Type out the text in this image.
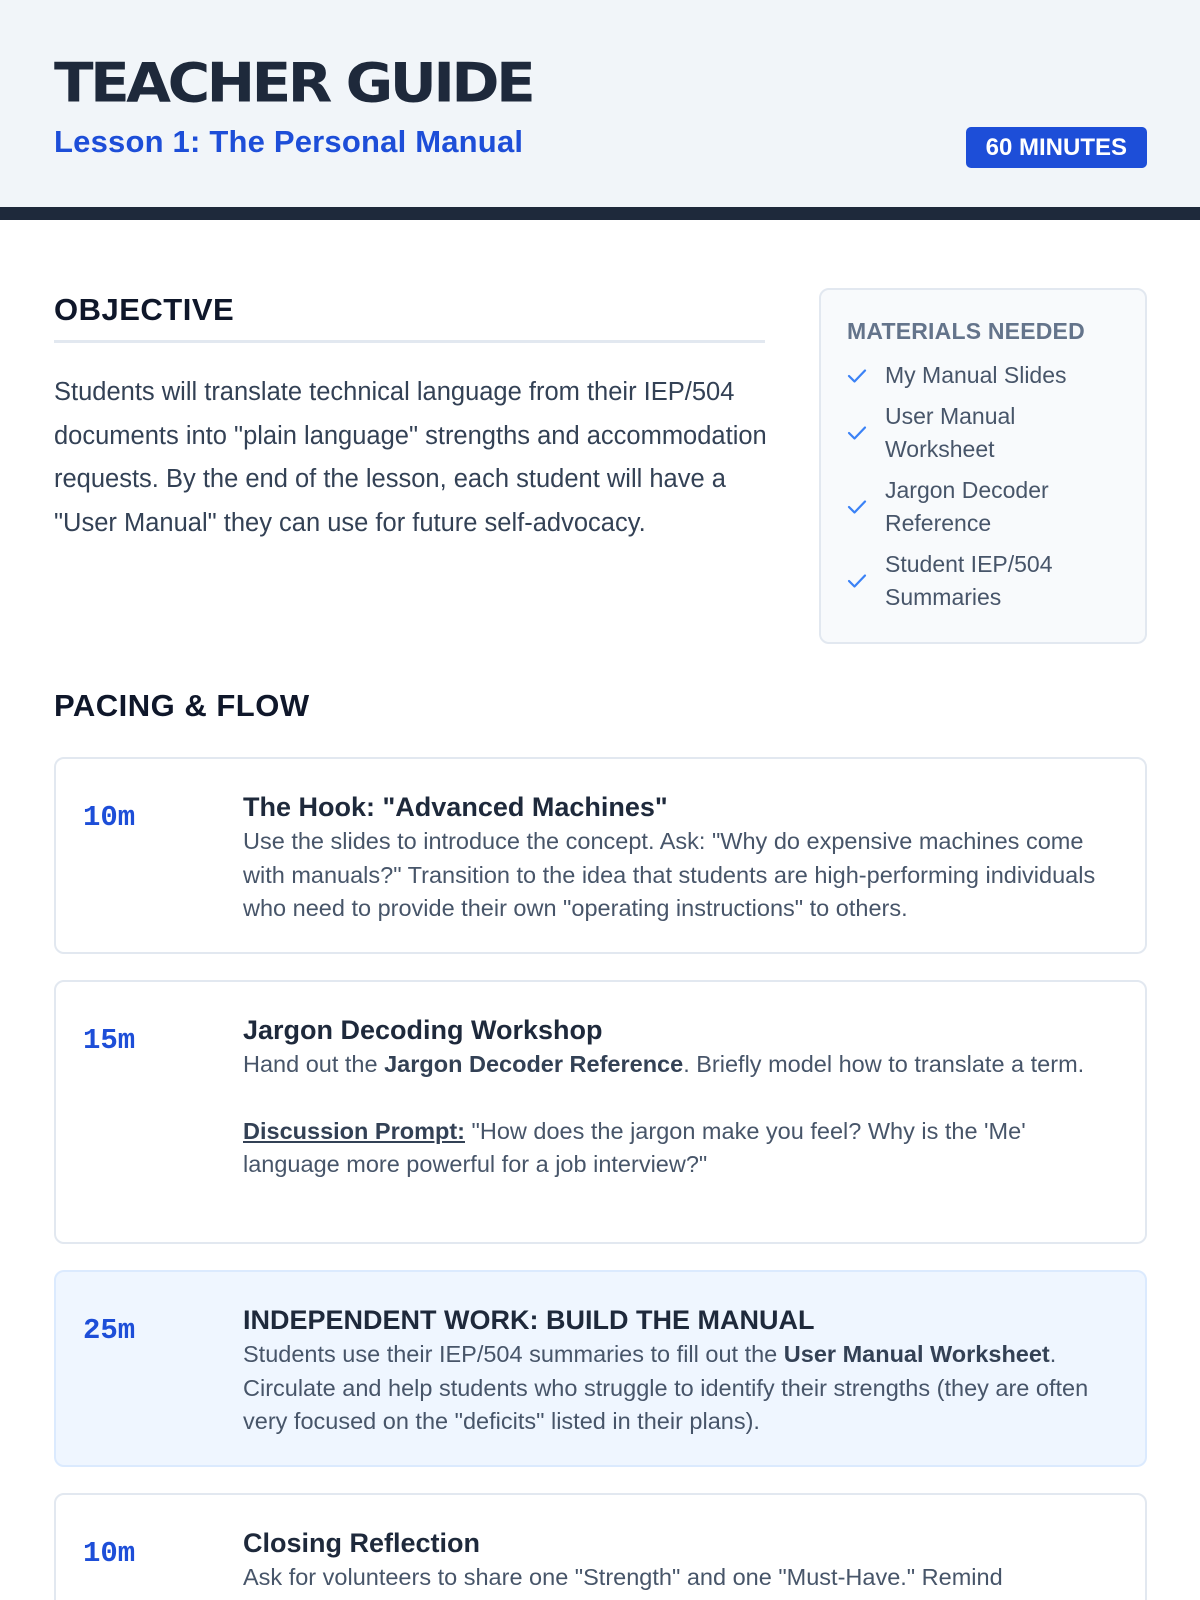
TEACHER GUIDE
Lesson 1: The Personal Manual	60 MINUTES
OBJECTIVE
Students will translate technical language from their IEP/504 documents into "plain language" strengths and accommodation requests. By the end of the lesson, each student will have a "User Manual" they can use for future self-advocacy.
MATERIALS NEEDED
My Manual Slides
User Manual Worksheet
Jargon Decoder Reference
Student IEP/504 Summaries
PACING & FLOW
10m	The Hook: "Advanced Machines"
Use the slides to introduce the concept. Ask: "Why do expensive machines come with manuals?" Transition to the idea that students are high-performing individuals who need to provide their own "operating instructions" to others.
15m	Jargon Decoding Workshop
Hand out the Jargon Decoder Reference. Briefly model how to translate a term.
Discussion Prompt: "How does the jargon make you feel? Why is the 'Me' language more powerful for a job interview?"
25m	INDEPENDENT WORK: BUILD THE MANUAL
Students use their IEP/504 summaries to fill out the User Manual Worksheet. Circulate and help students who struggle to identify their strengths (they are often very focused on the "deficits" listed in their plans).
10m	Closing Reflection
Ask for volunteers to share one "Strength" and one "Must-Have." Remind
